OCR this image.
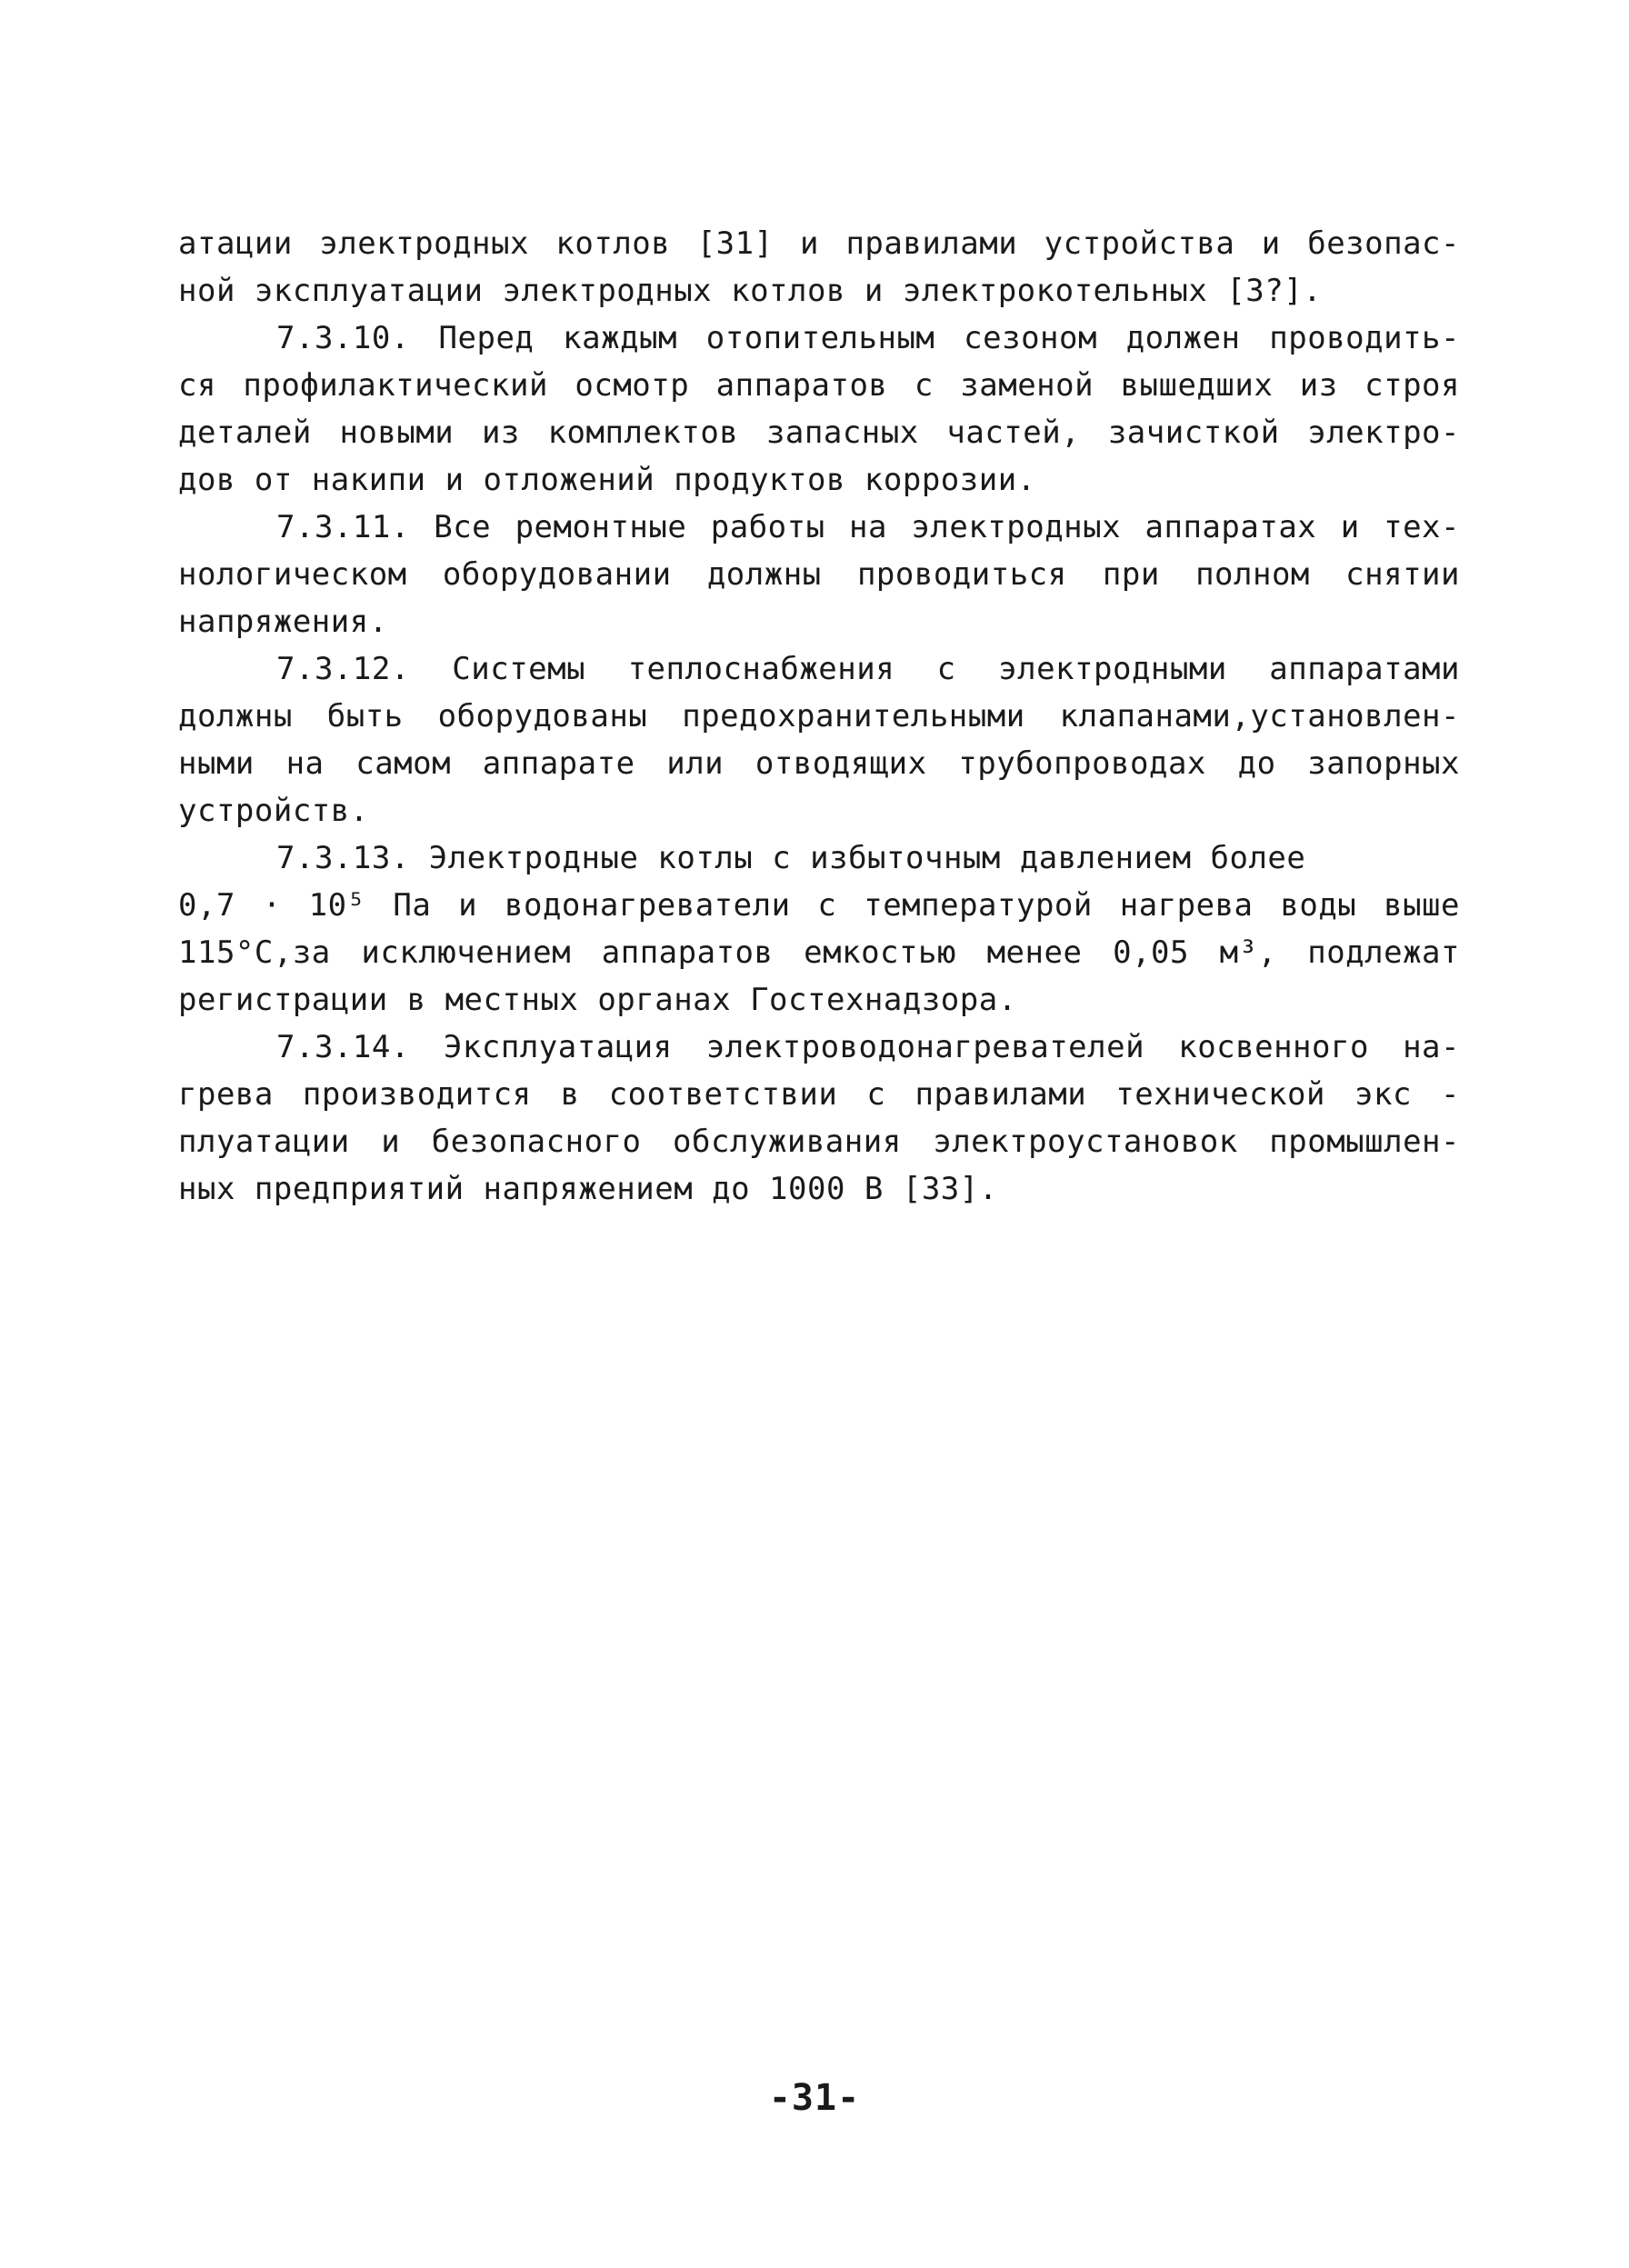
атации электродных котлов [31] и правилами устройства и безопас-
ной эксплуатации электродных котлов и электрокотельных [3?].
7.3.10. Перед каждым отопительным сезоном должен проводить-
ся профилактический осмотр аппаратов с заменой вышедших из строя
деталей новыми из комплектов запасных частей, зачисткой электро-
дов от накипи и отложений продуктов коррозии.
7.3.11. Все ремонтные работы на электродных аппаратах и тех-
нологическом оборудовании должны проводиться при полном снятии
напряжения.
7.3.12. Системы теплоснабжения с электродными аппаратами
должны быть оборудованы предохранительными клапанами,установлен-
ными на самом аппарате или отводящих трубопроводах до запорных
устройств.
7.3.13. Электродные котлы с избыточным давлением более
0,7 · 10⁵ Па и водонагреватели с температурой нагрева воды выше
115°С,за исключением аппаратов емкостью менее 0,05 м³, подлежат
регистрации в местных органах Гостехнадзора.
7.3.14. Эксплуатация электроводонагревателей косвенного на-
грева производится в соответствии с правилами технической экс -
плуатации и безопасного обслуживания электроустановок промышлен-
ных предприятий напряжением до 1000 В [33].
-31-
